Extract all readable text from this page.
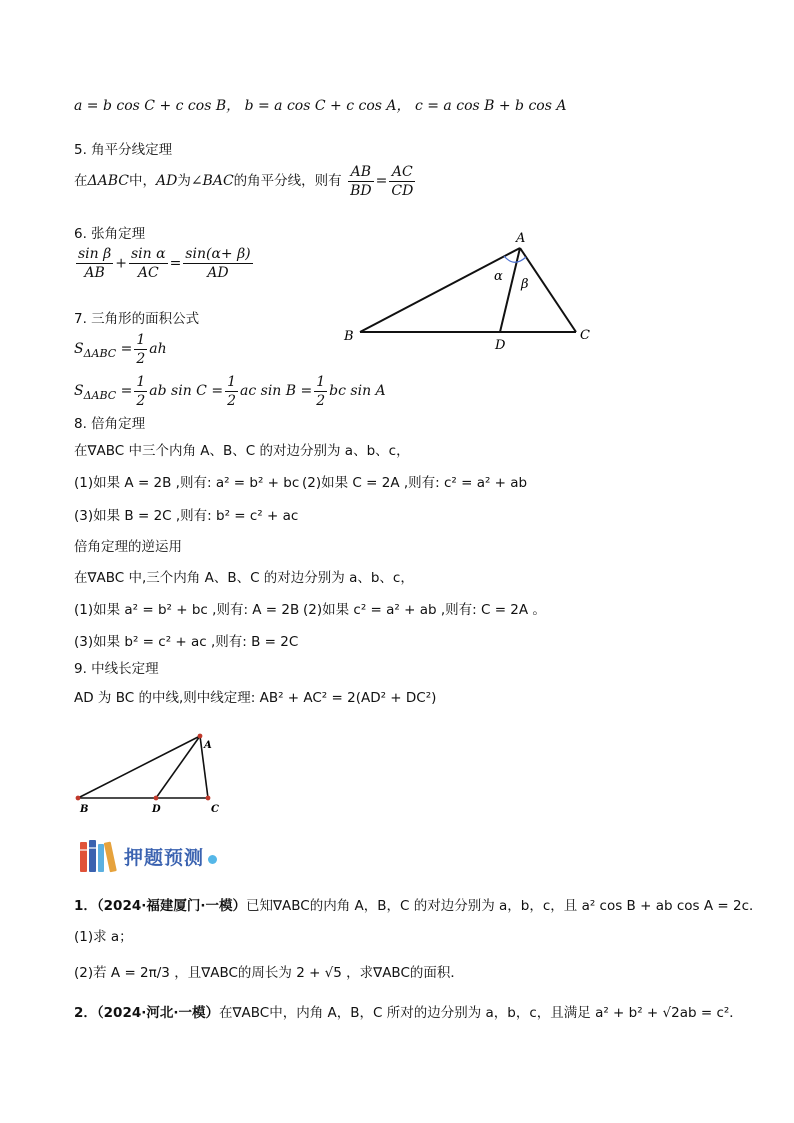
a = b cos C + c cos B， b = a cos C + c cos A， c = a cos B + b cos A
5. 角平分线定理
在ΔABC中，AD为∠BAC的角平分线，则有 $\frac{AB}{BD} = \frac{AC}{CD}$
6. 张角定理
$\frac{\text{sin β}}{AB} + \frac{\text{sin α}}{AC} = \frac{\sin(\alpha+ \beta)}{AD}$
A
B	C
D
α
β
7. 三角形的面积公式
$S_{\Delta ABC} = \frac{1}{2}$ ah
$S_{\Delta ABC} = \frac{1}{2}$ ab $\sin C = \frac{1}{2}$ ac $\sin B = \frac{1}{2}$ bc sin A
8. 倍角定理
在∇ABC 中三个内角 A、B、C 的对边分别为 a、b、c，
(1)如果 A = 2B ,则有: a² = b² + bc (2)如果 C = 2A ,则有: c² = a² + ab
(3)如果 B = 2C ,则有: b² = c² + ac
倍角定理的逆运用
在∇ABC 中,三个内角 A、B、C 的对边分别为 a、b、c，
(1)如果 a² = b² + bc ,则有: A = 2B (2)如果 c² = a² + ab ,则有: C = 2A 。
(3)如果 b² = c² + ac ,则有: B = 2C
9. 中线长定理
AD 为 BC 的中线,则中线定理: AB² + AC² = 2(AD² + DC²)
A
B	D	C
押题预测
1．（2024·福建厦门·一模）已知∇ABC的内角 A，B，C 的对边分别为 a，b，c，且 a² cos B + ab cos A = 2c．
(1)求 a；
(2)若 A = 2π/3 ，且∇ABC的周长为 2 + √5 ，求∇ABC的面积．
2．（2024·河北·一模）在∇ABC中，内角 A，B，C 所对的边分别为 a，b，c，且满足 a² + b² + √2ab = c²．
